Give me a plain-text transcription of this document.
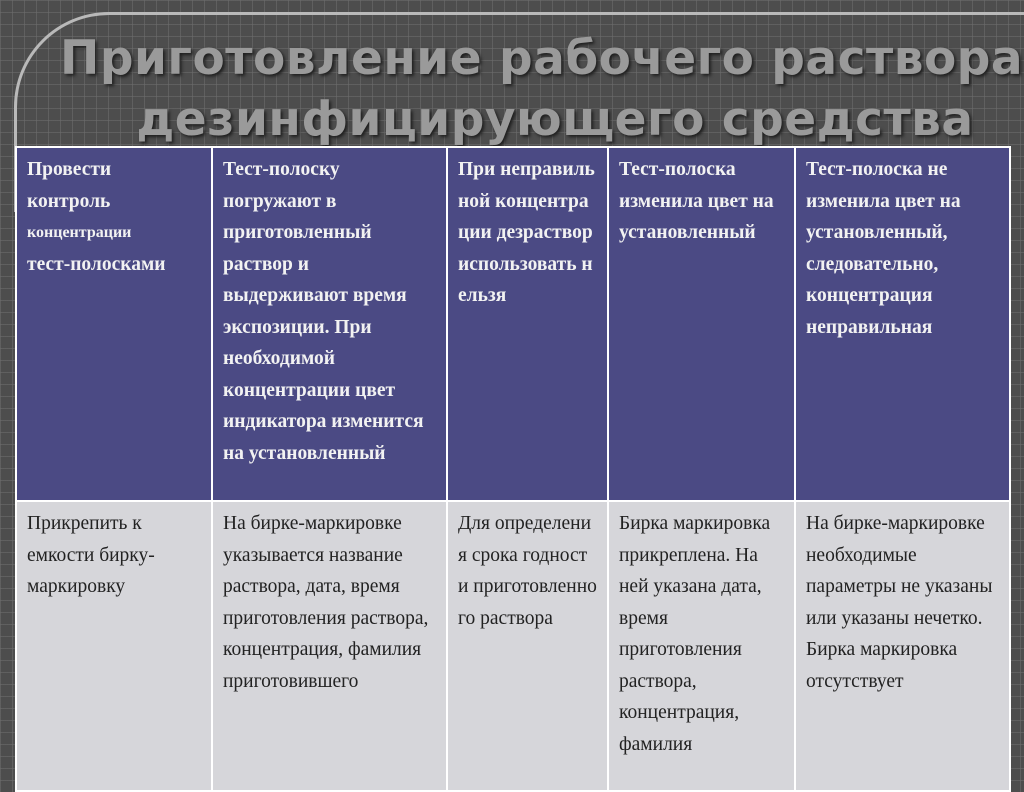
Приготовление рабочего раствора
дезинфицирующего средства
Провести
контроль
концентрации
тест-полосками	Тест-полоску погружают в приготовленный раствор и выдерживают время экспозиции. При необходимой концентрации цвет индикатора изменится на установленный	При неправильной концентрации дезраствор использовать нельзя	Тест-полоска изменила цвет на установленный	Тест-полоска не изменила цвет на установленный, следовательно, концентрация неправильная
Прикрепить к емкости бирку-маркировку	На бирке-маркировке указывается название раствора, дата, время приготовления раствора, концентрация, фамилия приготовившего	Для определения срока годности приготовленного раствора	Бирка маркировка прикреплена. На ней указана дата, время приготовления раствора, концентрация, фамилия	На бирке-маркировке необходимые параметры не указаны или указаны нечетко. Бирка маркировка отсутствует
